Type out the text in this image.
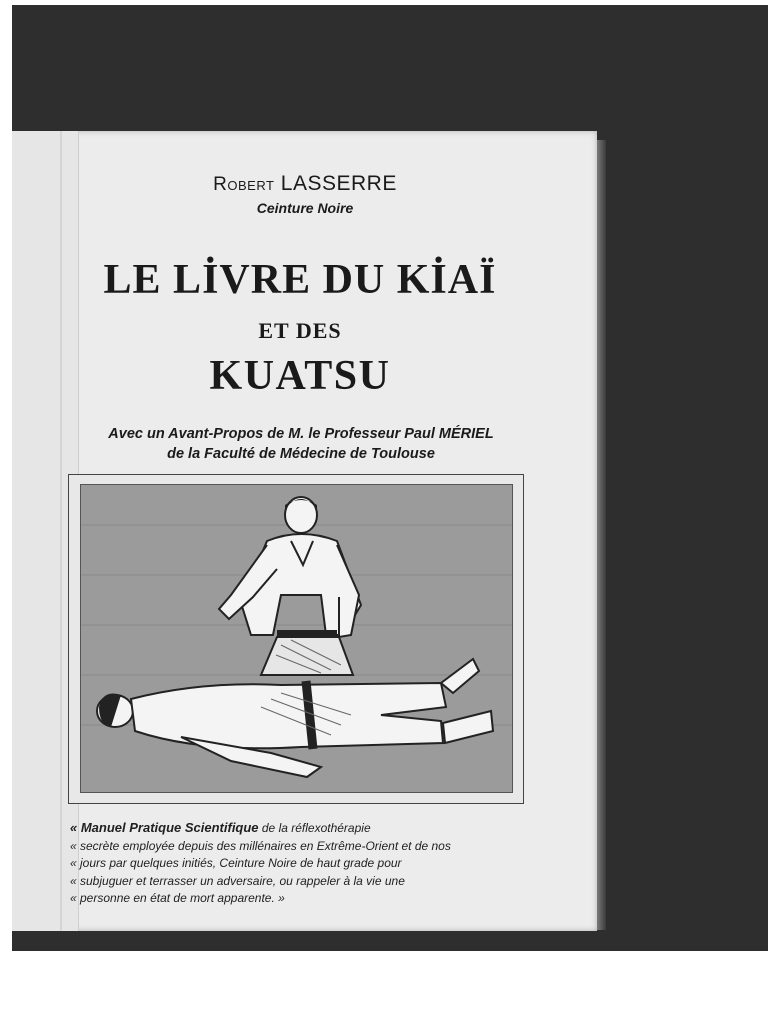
Robert LASSERRE
Ceinture Noire
LE LİVRE DU KİAÏ
ET DES
KUATSU
Avec un Avant-Propos de M. le Professeur Paul MÉRIEL
de la Faculté de Médecine de Toulouse
« Manuel Pratique Scientifique de la réflexothérapie
« secrète employée depuis des millénaires en Extrême-Orient et de nos
« jours par quelques initiés, Ceinture Noire de haut grade pour
« subjuguer et terrasser un adversaire, ou rappeler à la vie une
« personne en état de mort apparente. »
